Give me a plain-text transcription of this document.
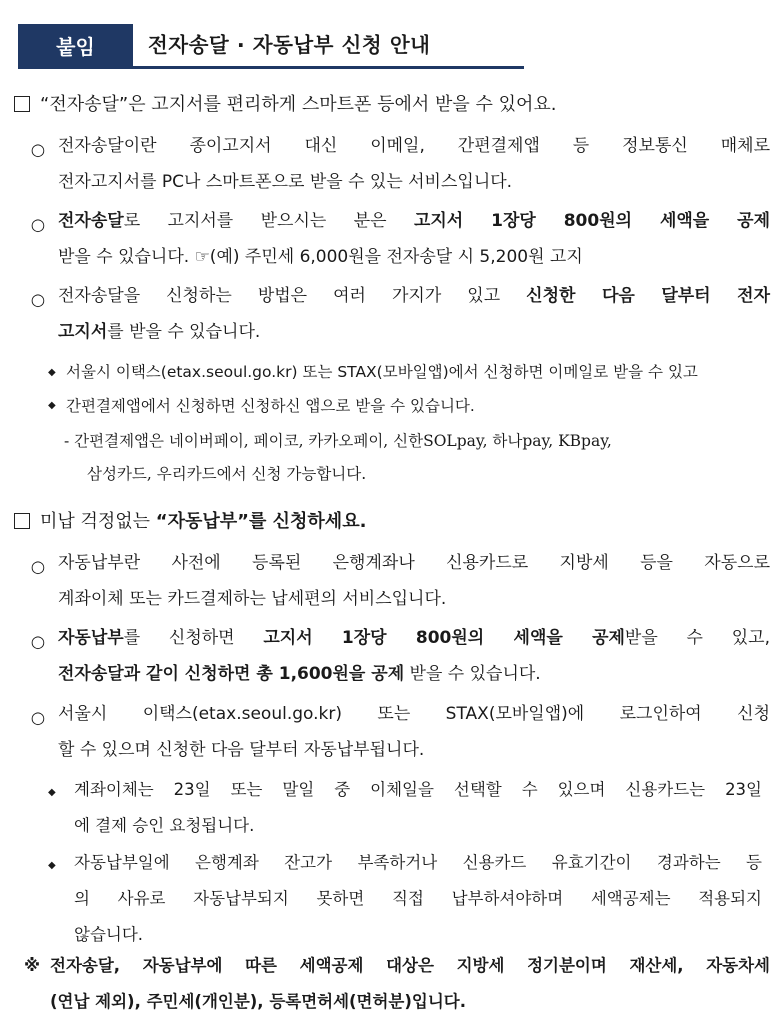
붙임	전자송달 · 자동납부 신청 안내
“전자송달”은 고지서를 편리하게 스마트폰 등에서 받을 수 있어요.
○ 전자송달이란 종이고지서 대신 이메일, 간편결제앱 등 정보통신 매체로
전자고지서를 PC나 스마트폰으로 받을 수 있는 서비스입니다.
○ 전자송달로 고지서를 받으시는 분은 고지서 1장당 800원의 세액을 공제
받을 수 있습니다. ☞(예) 주민세 6,000원을 전자송달 시 5,200원 고지
○ 전자송달을 신청하는 방법은 여러 가지가 있고 신청한 다음 달부터 전자
고지서를 받을 수 있습니다.
◆ 서울시 이택스(etax.seoul.go.kr) 또는 STAX(모바일앱)에서 신청하면 이메일로 받을 수 있고
◆ 간편결제앱에서 신청하면 신청하신 앱으로 받을 수 있습니다.
- 간편결제앱은 네이버페이, 페이코, 카카오페이, 신한SOLpay, 하나pay, KBpay,
삼성카드, 우리카드에서 신청 가능합니다.
미납 걱정없는 “자동납부”를 신청하세요.
○ 자동납부란 사전에 등록된 은행계좌나 신용카드로 지방세 등을 자동으로
계좌이체 또는 카드결제하는 납세편의 서비스입니다.
○ 자동납부를 신청하면 고지서 1장당 800원의 세액을 공제받을 수 있고,
전자송달과 같이 신청하면 총 1,600원을 공제 받을 수 있습니다.
○ 서울시 이택스(etax.seoul.go.kr) 또는 STAX(모바일앱)에 로그인하여 신청
할 수 있으며 신청한 다음 달부터 자동납부됩니다.
◆ 계좌이체는 23일 또는 말일 중 이체일을 선택할 수 있으며 신용카드는 23일
에 결제 승인 요청됩니다.
◆ 자동납부일에 은행계좌 잔고가 부족하거나 신용카드 유효기간이 경과하는 등
의 사유로 자동납부되지 못하면 직접 납부하셔야하며 세액공제는 적용되지
않습니다.
※ 전자송달, 자동납부에 따른 세액공제 대상은 지방세 정기분이며 재산세, 자동차세
(연납 제외), 주민세(개인분), 등록면허세(면허분)입니다.
